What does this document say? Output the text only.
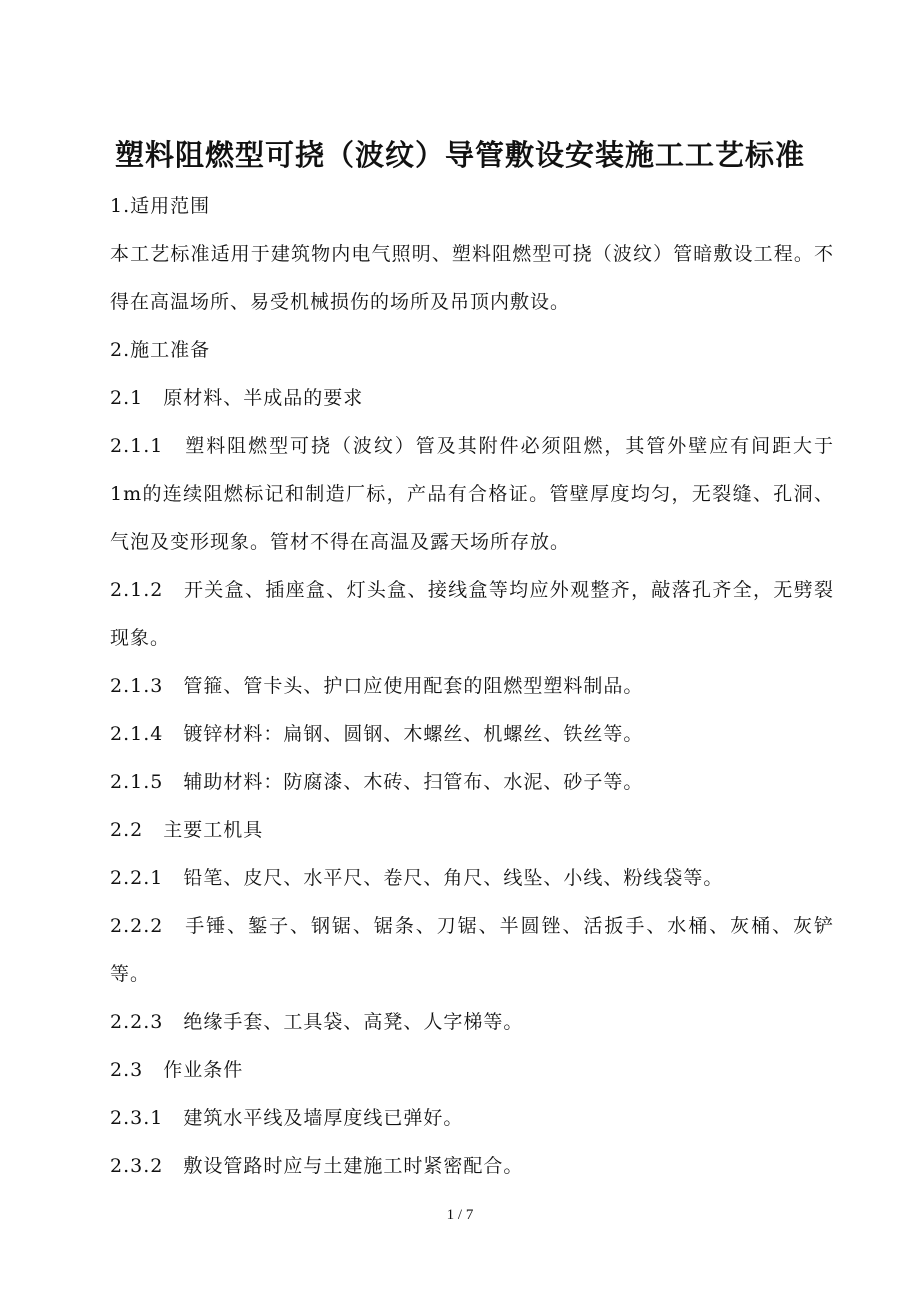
塑料阻燃型可挠（波纹）导管敷设安装施工工艺标准

1.适用范围

本工艺标准适用于建筑物内电气照明、塑料阻燃型可挠（波纹）管暗敷设工程。不得在高温场所、易受机械损伤的场所及吊顶内敷设。

2.施工准备

2.1　原材料、半成品的要求

2.1.1　塑料阻燃型可挠（波纹）管及其附件必须阻燃，其管外壁应有间距大于1m的连续阻燃标记和制造厂标，产品有合格证。管壁厚度均匀，无裂缝、孔洞、气泡及变形现象。管材不得在高温及露天场所存放。

2.1.2　开关盒、插座盒、灯头盒、接线盒等均应外观整齐，敲落孔齐全，无劈裂现象。

2.1.3　管箍、管卡头、护口应使用配套的阻燃型塑料制品。

2.1.4　镀锌材料：扁钢、圆钢、木螺丝、机螺丝、铁丝等。

2.1.5　辅助材料：防腐漆、木砖、扫管布、水泥、砂子等。

2.2　主要工机具

2.2.1　铅笔、皮尺、水平尺、卷尺、角尺、线坠、小线、粉线袋等。

2.2.2　手锤、錾子、钢锯、锯条、刀锯、半圆锉、活扳手、水桶、灰桶、灰铲等。

2.2.3　绝缘手套、工具袋、高凳、人字梯等。

2.3　作业条件

2.3.1　建筑水平线及墙厚度线已弹好。

2.3.2　敷设管路时应与土建施工时紧密配合。

1 / 7
